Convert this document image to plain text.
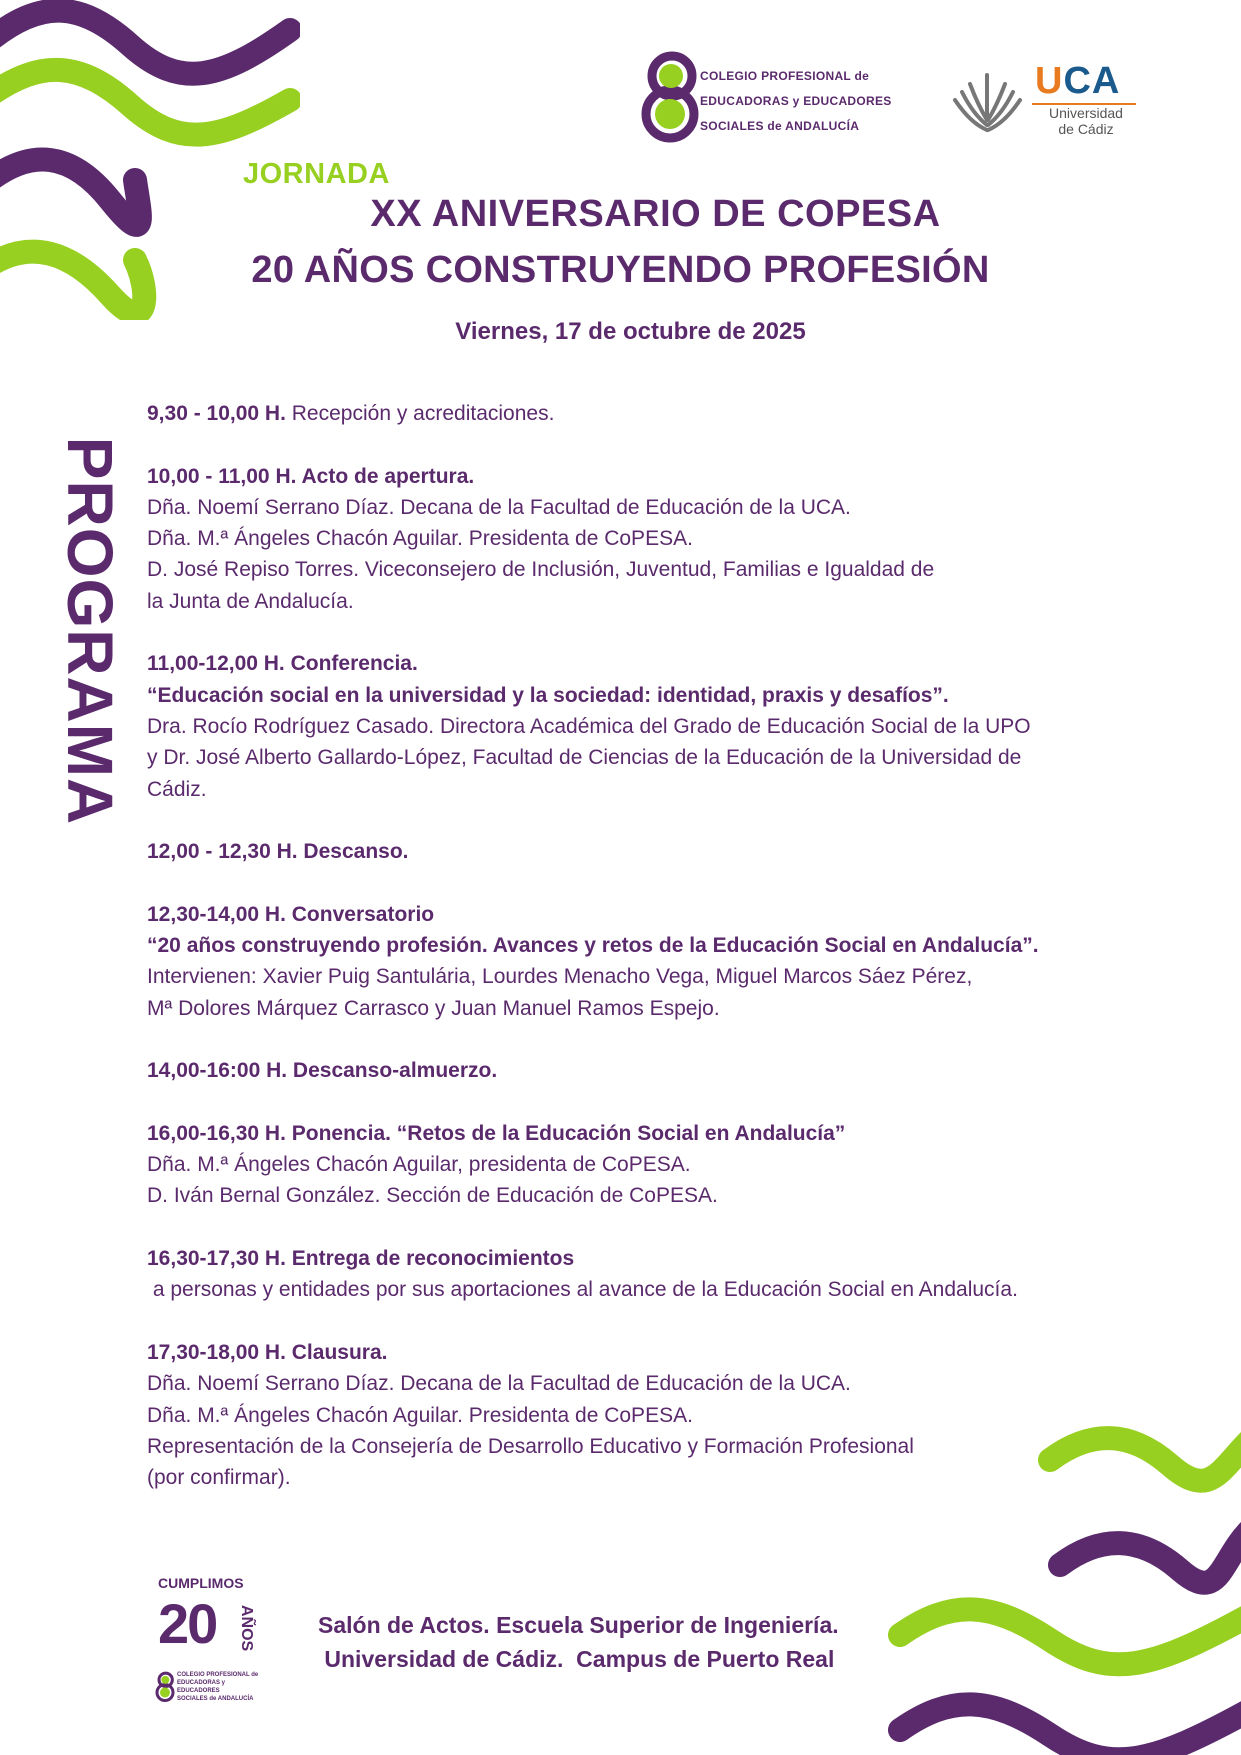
COLEGIO PROFESIONAL de
EDUCADORAS y EDUCADORES
SOCIALES de ANDALUCÍA
UCA
Universidad
de Cádiz
JORNADA
XX ANIVERSARIO DE COPESA
20 AÑOS CONSTRUYENDO PROFESIÓN
Viernes, 17 de octubre de 2025
PROGRAMA
9,30 - 10,00 H. Recepción y acreditaciones.
10,00 - 11,00 H. Acto de apertura.
Dña. Noemí Serrano Díaz. Decana de la Facultad de Educación de la UCA.
Dña. M.ª Ángeles Chacón Aguilar. Presidenta de CoPESA.
D. José Repiso Torres. Viceconsejero de Inclusión, Juventud, Familias e Igualdad de
la Junta de Andalucía.
11,00-12,00 H. Conferencia.
“Educación social en la universidad y la sociedad: identidad, praxis y desafíos”.
Dra. Rocío Rodríguez Casado. Directora Académica del Grado de Educación Social de la UPO
y Dr. José Alberto Gallardo-López, Facultad de Ciencias de la Educación de la Universidad de
Cádiz.
12,00 - 12,30 H. Descanso.
12,30-14,00 H. Conversatorio
“20 años construyendo profesión. Avances y retos de la Educación Social en Andalucía”.
Intervienen: Xavier Puig Santulária, Lourdes Menacho Vega, Miguel Marcos Sáez Pérez,
Mª Dolores Márquez Carrasco y Juan Manuel Ramos Espejo.
14,00-16:00 H. Descanso-almuerzo.
16,00-16,30 H. Ponencia. “Retos de la Educación Social en Andalucía”
Dña. M.ª Ángeles Chacón Aguilar, presidenta de CoPESA.
D. Iván Bernal González. Sección de Educación de CoPESA.
16,30-17,30 H. Entrega de reconocimientos
a personas y entidades por sus aportaciones al avance de la Educación Social en Andalucía.
17,30-18,00 H. Clausura.
Dña. Noemí Serrano Díaz. Decana de la Facultad de Educación de la UCA.
Dña. M.ª Ángeles Chacón Aguilar. Presidenta de CoPESA.
Representación de la Consejería de Desarrollo Educativo y Formación Profesional
(por confirmar).
CUMPLIMOS
20 AÑOS
COLEGIO PROFESIONAL de
EDUCADORAS y EDUCADORES
SOCIALES de ANDALUCÍA
Salón de Actos. Escuela Superior de Ingeniería.
Universidad de Cádiz.  Campus de Puerto Real
